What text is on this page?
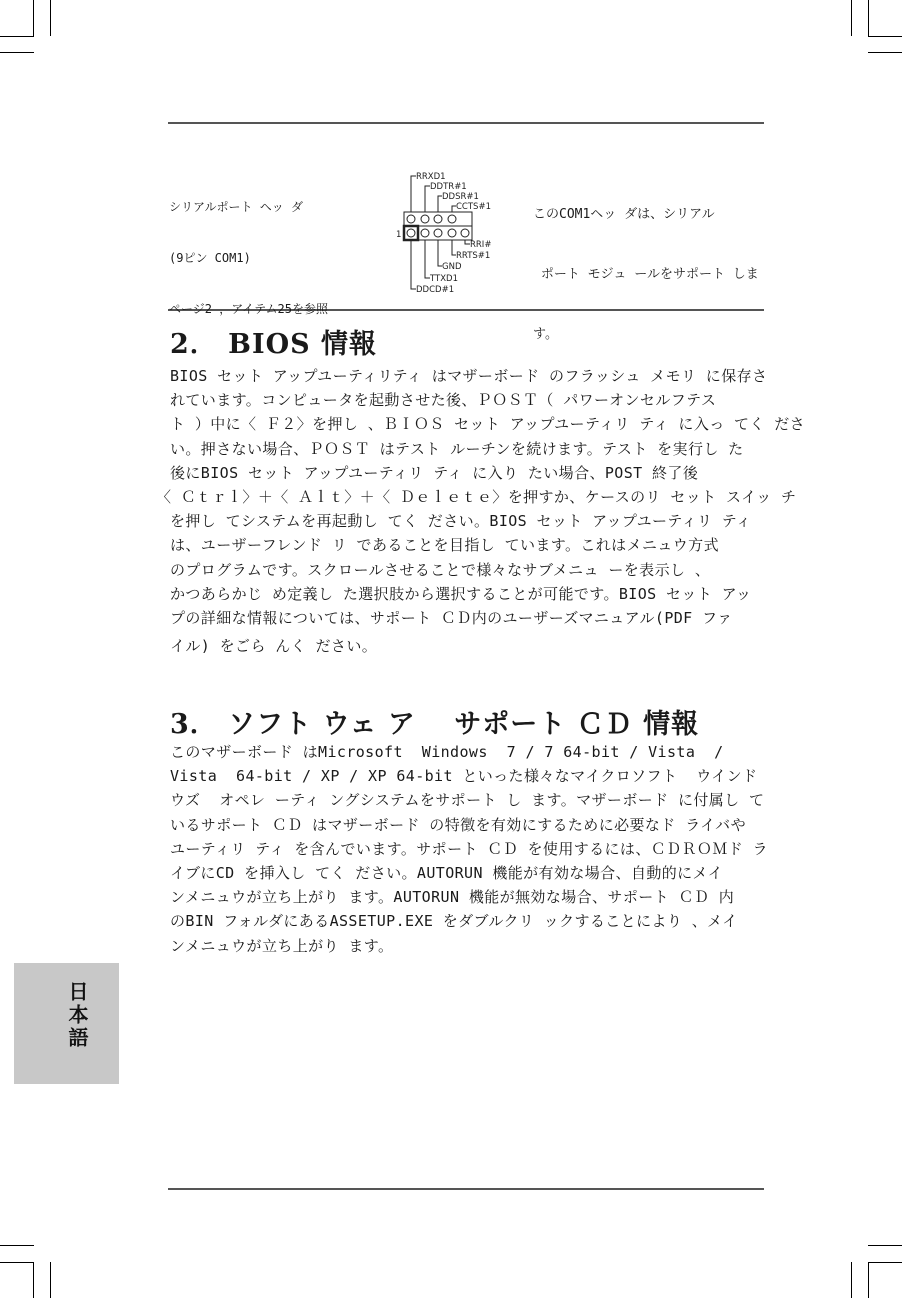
シリアルポート ヘッ ダ

(9ピン COM1)

ページ2 ，アイテム25を参照

RRXD1
DDTR#1
DDSR#1
CCTS#1
RRI#
RRTS#1
GND
TTXD1
DDCD#1
1

このCOM1ヘッ ダは、シリアル

ポート モジュ ールをサポート しま

す。

2． BIOS 情報
BIOS セット アップユーティリティ はマザーボード のフラッシュ メモリ に保存さ
れています。コンピュータを起動させた後、ＰＯＳＴ（ パワーオンセルフテス
ト ）中に〈 Ｆ２〉を押し 、ＢＩＯＳ セット アップユーティリ ティ に入っ てく ださ
い。押さない場合、ＰＯＳＴ はテスト ルーチンを続けます。テスト を実行し た
後にBIOS セット アップユーティリ ティ に入り たい場合、POST 終了後
〈 Ｃｔｒｌ〉＋〈 Ａｌｔ〉＋〈 Ｄｅｌｅｔｅ〉を押すか、ケースのリ セット スイッ チ
を押し てシステムを再起動し てく ださい。BIOS セット アップユーティリ ティ
は、ユーザーフレンド リ であることを目指し ています。これはメニュウ方式
のプログラムです。スクロールさせることで様々なサブメニュ ーを表示し 、
かつあらかじ め定義し た選択肢から選択することが可能です。BIOS セット アッ
プの詳細な情報については、サポート ＣＤ内のユーザーズマニュアル(PDF ファ
イル) をごら んく ださい。
3． ソフト ウェ ア　 サポート ＣＤ 情報
このマザーボード はMicrosoft  Windows  7 / 7 64-bit / Vista  /
Vista  64-bit / XP / XP 64-bit といった様々なマイクロソフト  ウインド
ウズ  オペレ ーティ ングシステムをサポート し ます。マザーボード に付属し て
いるサポート ＣＤ はマザーボード の特徴を有効にするために必要なド ライバや
ユーティリ ティ を含んでいます。サポート ＣＤ を使用するには、ＣＤＲＯＭド ラ
イブにCD を挿入し てく ださい。AUTORUN 機能が有効な場合、自動的にメイ
ンメニュウが立ち上がり ます。AUTORUN 機能が無効な場合、サポート ＣＤ 内
のBIN フォルダにあるASSETUP.EXE をダブルクリ ックすることにより 、メイ
ンメニュウが立ち上がり ます。
日本語
